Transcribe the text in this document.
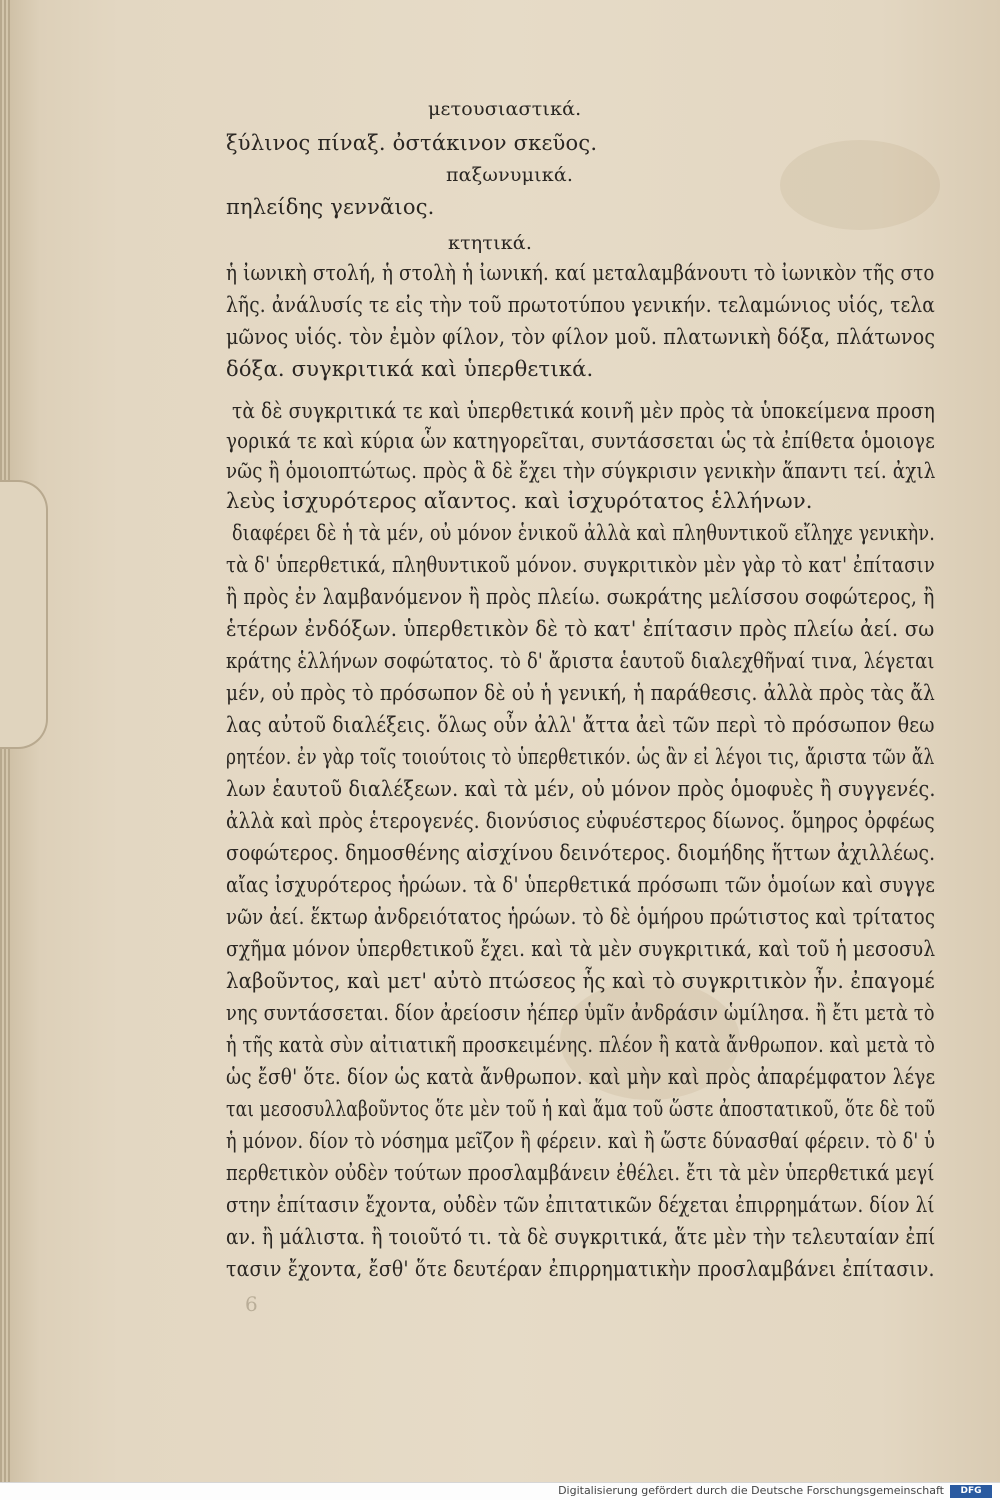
μετουσιαστικά.
ξύλινος πίναξ. ὀστάκινον σκεῦος.
παξωνυμικά.
πηλείδης γεννᾶιος.
κτητικά.
ἡ ἰωνικὴ στολή, ἡ στολὴ ἡ ἰωνική. καί μεταλαμβάνουτι τὸ ἰωνικὸν τῆς στο
λῆς. ἀνάλυσίς τε εἰς τὴν τοῦ πρωτοτύπου γενικήν. τελαμώνιος υἱός, τελα
μῶνος υἱός. τὸν ἐμὸν φίλον, τὸν φίλον μοῦ. πλατωνικὴ δόξα, πλάτωνος
δόξα. συγκριτικά καὶ ὑπερθετικά.
τὰ δὲ συγκριτικά τε καὶ ὑπερθετικά κοινῆ μὲν πρὸς τὰ ὑποκείμενα προση
γορικά τε καὶ κύρια ὧν κατηγορεῖται, συντάσσεται ὡς τὰ ἐπίθετα ὁμοιογε
νῶς ἢ ὁμοιοπτώτως. πρὸς ἃ δὲ ἔχει τὴν σύγκρισιν γενικὴν ἅπαντι τεί. ἀχιλ
λεὺς ἰσχυρότερος αἴαντος. καὶ ἰσχυρότατος ἑλλήνων.
διαφέρει δὲ ἡ τὰ μέν, οὐ μόνον ἑνικοῦ ἀλλὰ καὶ πληθυντικοῦ εἴληχε γενικὴν.
τὰ δ' ὑπερθετικά, πληθυντικοῦ μόνον. συγκριτικὸν μὲν γὰρ τὸ κατ' ἐπίτασιν
ἢ πρὸς ἐν λαμβανόμενον ἢ πρὸς πλείω. σωκράτης μελίσσου σοφώτερος, ἢ
ἑτέρων ἐνδόξων. ὑπερθετικὸν δὲ τὸ κατ' ἐπίτασιν πρὸς πλείω ἀεί. σω
κράτης ἑλλήνων σοφώτατος. τὸ δ' ἄριστα ἑαυτοῦ διαλεχθῆναί τινα, λέγεται
μέν, οὐ πρὸς τὸ πρόσωπον δὲ οὐ ἡ γενική, ἡ παράθεσις. ἀλλὰ πρὸς τὰς ἄλ
λας αὐτοῦ διαλέξεις. ὅλως οὖν ἀλλ' ἄττα ἀεὶ τῶν περὶ τὸ πρόσωπον θεω
ρητέον. ἐν γὰρ τοῖς τοιούτοις τὸ ὑπερθετικόν. ὡς ἂν εἰ λέγοι τις, ἄριστα τῶν ἄλ
λων ἑαυτοῦ διαλέξεων. καὶ τὰ μέν, οὐ μόνον πρὸς ὁμοφυὲς ἢ συγγενές.
ἀλλὰ καὶ πρὸς ἑτερογενές. διονύσιος εὐφυέστερος δίωνος. ὅμηρος ὀρφέως
σοφώτερος. δημοσθένης αἰσχίνου δεινότερος. διομήδης ἥττων ἀχιλλέως.
αἴας ἰσχυρότερος ἡρώων. τὰ δ' ὑπερθετικά πρόσωπι τῶν ὁμοίων καὶ συγγε
νῶν ἀεί. ἕκτωρ ἀνδρειότατος ἡρώων. τὸ δὲ ὁμήρου πρώτιστος καὶ τρίτατος
σχῆμα μόνον ὑπερθετικοῦ ἔχει. καὶ τὰ μὲν συγκριτικά, καὶ τοῦ ἡ μεσοσυλ
λαβοῦντος, καὶ μετ' αὐτὸ πτώσεος ἧς καὶ τὸ συγκριτικὸν ἦν. ἐπαγομέ
νης συντάσσεται. δίον ἀρείοσιν ἠέπερ ὑμῖν ἀνδράσιν ὡμίλησα. ἢ ἔτι μετὰ τὸ
ἡ τῆς κατὰ σὺν αἰτιατικῆ προσκειμένης. πλέον ἢ κατὰ ἄνθρωπον. καὶ μετὰ τὸ
ὡς ἔσθ' ὅτε. δίον ὡς κατὰ ἄνθρωπον. καὶ μὴν καὶ πρὸς ἀπαρέμφατον λέγε
ται μεσοσυλλαβοῦντος ὅτε μὲν τοῦ ἡ καὶ ἅμα τοῦ ὥστε ἀποστατικοῦ, ὅτε δὲ τοῦ
ἡ μόνον. δίον τὸ νόσημα μεῖζον ἢ φέρειν. καὶ ἢ ὥστε δύνασθαί φέρειν. τὸ δ' ὑ
περθετικὸν οὐδὲν τούτων προσλαμβάνειν ἐθέλει. ἔτι τὰ μὲν ὑπερθετικά μεγί
στην ἐπίτασιν ἔχοντα, οὐδὲν τῶν ἐπιτατικῶν δέχεται ἐπιρρημάτων. δίον λί
αν. ἢ μάλιστα. ἢ τοιοῦτό τι. τὰ δὲ συγκριτικά, ἅτε μὲν τὴν τελευταίαν ἐπί
τασιν ἔχοντα, ἔσθ' ὅτε δευτέραν ἐπιρρηματικὴν προσλαμβάνει ἐπίτασιν.
6
Digitalisierung gefördert durch die Deutsche Forschungsgemeinschaft	DFG
